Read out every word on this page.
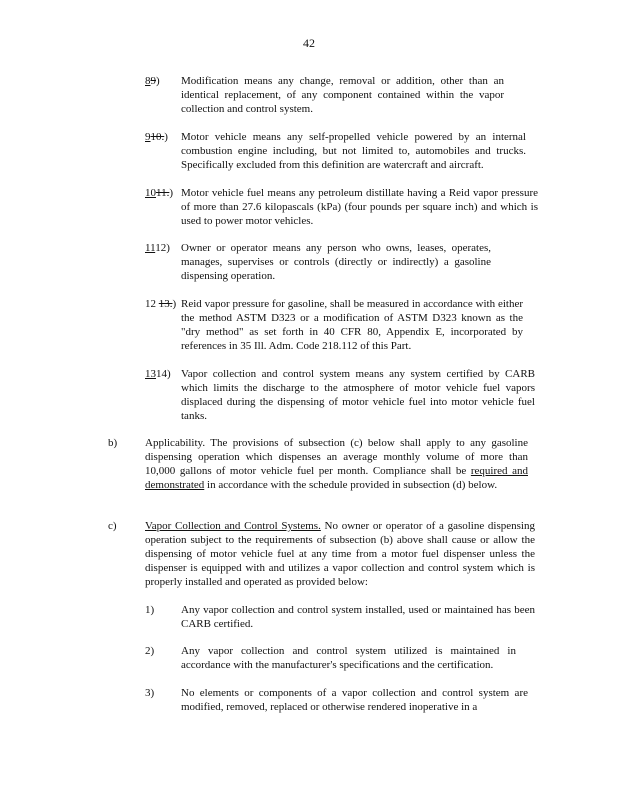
42
89) Modification means any change, removal or addition, other than an identical replacement, of any component contained within the vapor collection and control system.
910.) Motor vehicle means any self-propelled vehicle powered by an internal combustion engine including, but not limited to, automobiles and trucks. Specifically excluded from this definition are watercraft and aircraft.
1011.) Motor vehicle fuel means any petroleum distillate having a Reid vapor pressure of more than 27.6 kilopascals (kPa) (four pounds per square inch) and which is used to power motor vehicles.
1112) Owner or operator means any person who owns, leases, operates, manages, supervises or controls (directly or indirectly) a gasoline dispensing operation.
12 13.) Reid vapor pressure for gasoline, shall be measured in accordance with either the method ASTM D323 or a modification of ASTM D323 known as the "dry method" as set forth in 40 CFR 80, Appendix E, incorporated by references in 35 Ill. Adm. Code 218.112 of this Part.
1314) Vapor collection and control system means any system certified by CARB which limits the discharge to the atmosphere of motor vehicle fuel vapors displaced during the dispensing of motor vehicle fuel into motor vehicle fuel tanks.
b)	Applicability. The provisions of subsection (c) below shall apply to any gasoline dispensing operation which dispenses an average monthly volume of more than 10,000 gallons of motor vehicle fuel per month. Compliance shall be required and demonstrated in accordance with the schedule provided in subsection (d) below.
c)	Vapor Collection and Control Systems. No owner or operator of a gasoline dispensing operation subject to the requirements of subsection (b) above shall cause or allow the dispensing of motor vehicle fuel at any time from a motor fuel dispenser unless the dispenser is equipped with and utilizes a vapor collection and control system which is properly installed and operated as provided below:
1) Any vapor collection and control system installed, used or maintained has been CARB certified.
2) Any vapor collection and control system utilized is maintained in accordance with the manufacturer's specifications and the certification.
3) No elements or components of a vapor collection and control system are modified, removed, replaced or otherwise rendered inoperative in a
